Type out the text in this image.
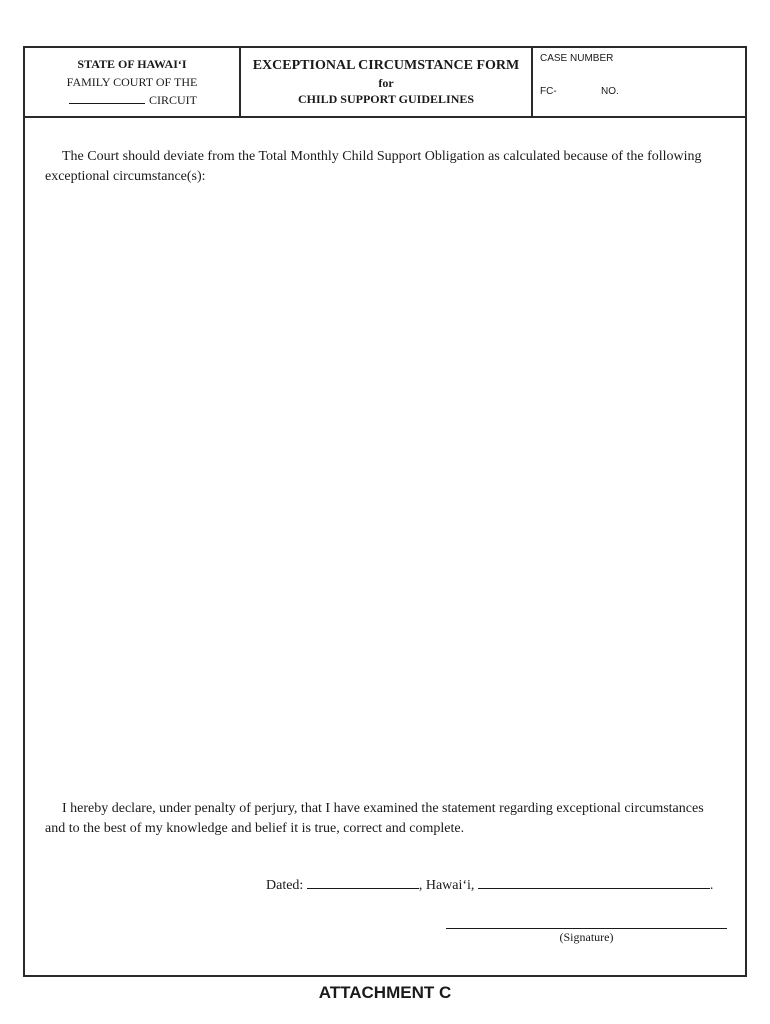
STATE OF HAWAI‘I
FAMILY COURT OF THE
CIRCUIT
EXCEPTIONAL CIRCUMSTANCE FORM
for
CHILD SUPPORT GUIDELINES
CASE NUMBER
FC-	NO.
The Court should deviate from the Total Monthly Child Support Obligation as calculated because of the following exceptional circumstance(s):
I hereby declare, under penalty of perjury, that I have examined the statement regarding exceptional circumstances and to the best of my knowledge and belief it is true, correct and complete.
Dated:	, Hawai‘i,	.
(Signature)
ATTACHMENT C
